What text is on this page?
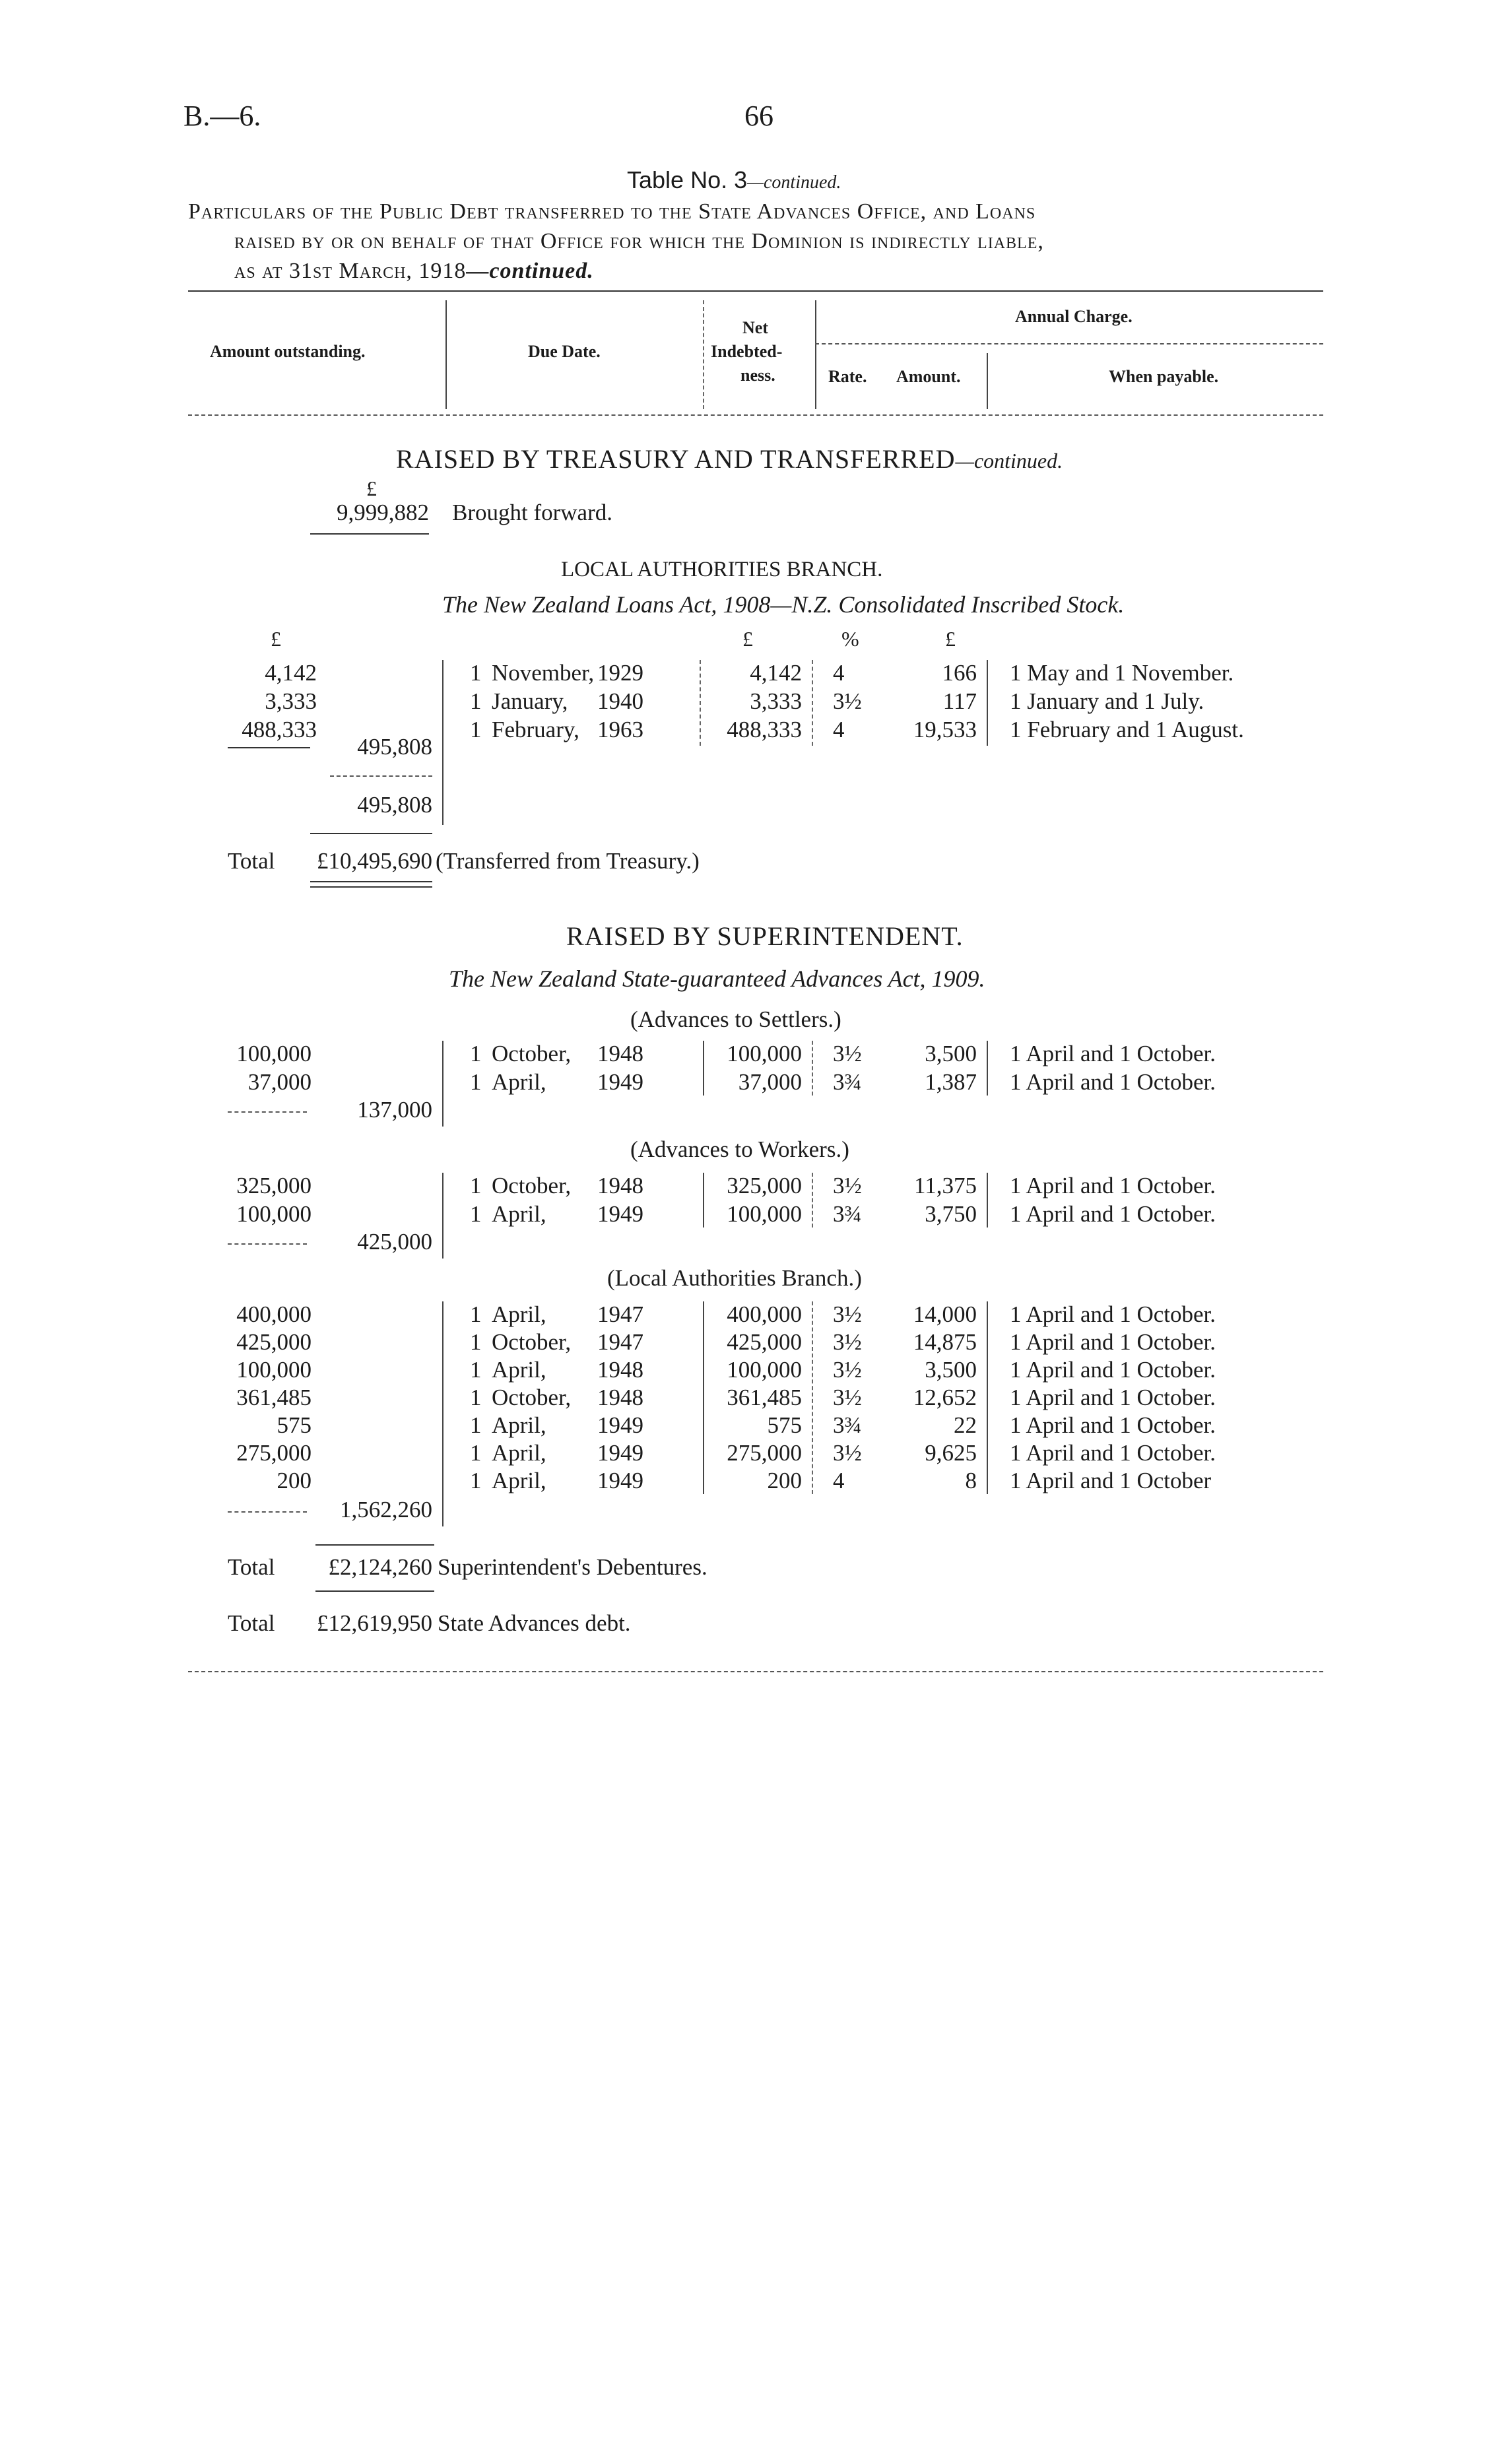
B.—6.	66
Table No. 3—continued.
Particulars of the Public Debt transferred to the State Advances Office, and Loans
raised by or on behalf of that Office for which the Dominion is indirectly liable,
as at 31st March, 1918—continued.
Amount outstanding.	Due Date.
Net
Indebted-
ness.
Annual Charge.
Rate. Amount.	When payable.
RAISED BY TREASURY AND TRANSFERRED—continued.
£
9,999,882 Brought forward.
LOCAL AUTHORITIES BRANCH.
The New Zealand Loans Act, 1908—N.Z. Consolidated Inscribed Stock.
£	£	%	£
4,142	1 November, 1929	4,142 4	166 1 May and 1 November.
3,333	1 January, 1940	3,333 3½	117 1 January and 1 July.
488,333	1 February, 1963	488,333 4	19,533 1 February and 1 August.
495,808
495,808
Total	£10,495,690 (Transferred from Treasury.)
RAISED BY SUPERINTENDENT.
The New Zealand State-guaranteed Advances Act, 1909.
(Advances to Settlers.)
100,000	1 October, 1948	100,000 3½	3,500 1 April and 1 October.
37,000	1 April, 1949	37,000 3¾	1,387 1 April and 1 October.
137,000
(Advances to Workers.)
325,000	1 October, 1948	325,000 3½	11,375 1 April and 1 October.
100,000	1 April, 1949	100,000 3¾	3,750 1 April and 1 October.
425,000
(Local Authorities Branch.)
400,000	1 April, 1947	400,000 3½	14,000 1 April and 1 October.
425,000	1 October, 1947	425,000 3½	14,875 1 April and 1 October.
100,000	1 April, 1948	100,000 3½	3,500 1 April and 1 October.
361,485	1 October, 1948	361,485 3½	12,652 1 April and 1 October.
575	1 April, 1949	575 3¾	22 1 April and 1 October.
275,000	1 April, 1949	275,000 3½	9,625 1 April and 1 October.
200	1 April, 1949	200 4	8 1 April and 1 October
1,562,260
Total	£2,124,260 Superintendent's Debentures.
Total	£12,619,950 State Advances debt.
